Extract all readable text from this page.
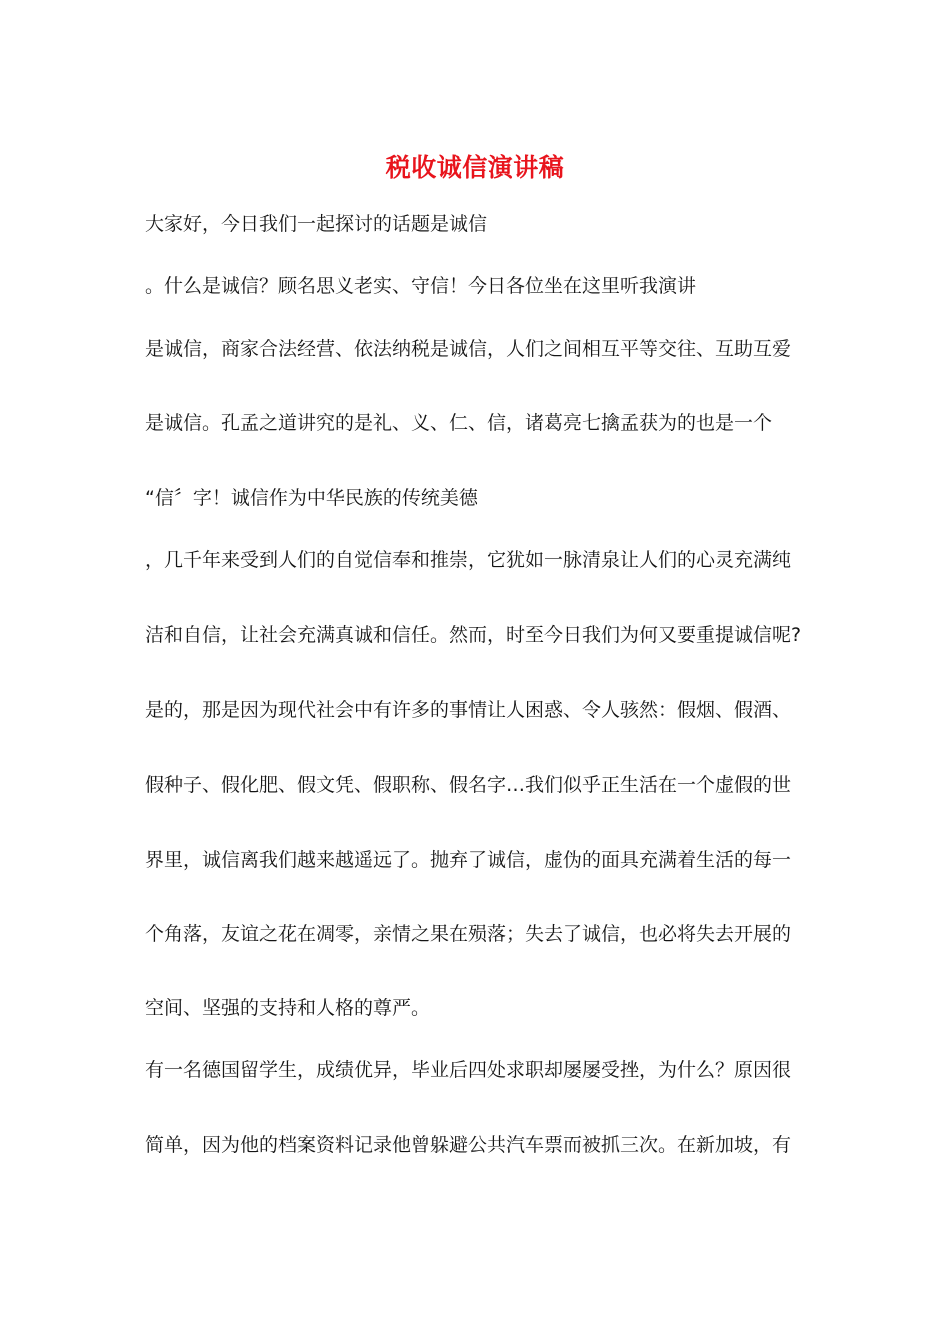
税收诚信演讲稿
大家好，今日我们一起探讨的话题是诚信
。什么是诚信？顾名思义老实、守信！今日各位坐在这里听我演讲
是诚信，商家合法经营、依法纳税是诚信，人们之间相互平等交往、互助互爱
是诚信。孔孟之道讲究的是礼、义、仁、信，诸葛亮七擒孟获为的也是一个
“信〞字！诚信作为中华民族的传统美德
，几千年来受到人们的自觉信奉和推崇，它犹如一脉清泉让人们的心灵充满纯
洁和自信，让社会充满真诚和信任。然而，时至今日我们为何又要重提诚信呢?
是的，那是因为现代社会中有许多的事情让人困惑、令人骇然：假烟、假酒、
假种子、假化肥、假文凭、假职称、假名字…我们似乎正生活在一个虚假的世
界里，诚信离我们越来越遥远了。抛弃了诚信，虚伪的面具充满着生活的每一
个角落，友谊之花在凋零，亲情之果在殒落；失去了诚信，也必将失去开展的
空间、坚强的支持和人格的尊严。
有一名德国留学生，成绩优异，毕业后四处求职却屡屡受挫，为什么？原因很
简单，因为他的档案资料记录他曾躲避公共汽车票而被抓三次。在新加坡，有
